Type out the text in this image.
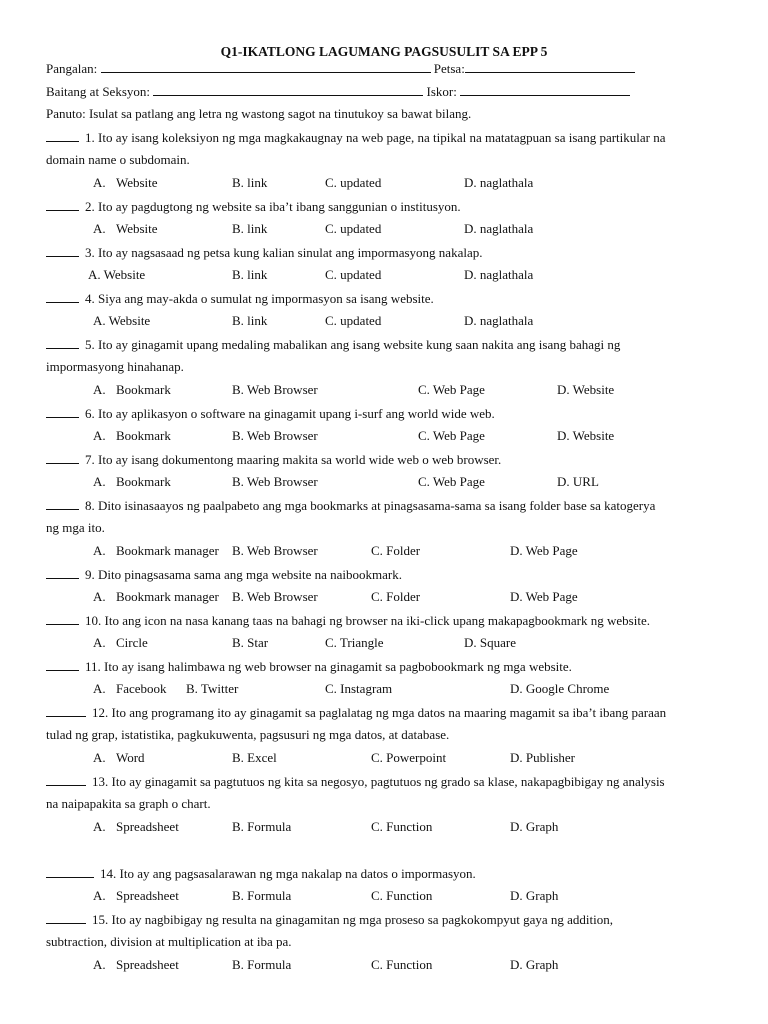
Q1-IKATLONG LAGUMANG PAGSUSULIT SA EPP 5
Pangalan:	Petsa:
Baitang at Seksyon:	Iskor:
Panuto: Isulat sa patlang ang letra ng wastong sagot na tinutukoy sa bawat bilang.
1. Ito ay isang koleksiyon ng mga magkakaugnay na web page, na tipikal na matatagpuan sa isang partikular na
domain name o subdomain.
A. Website	B. link	C. updated	D. naglathala
2. Ito ay pagdugtong ng website sa iba’t ibang sanggunian o institusyon.
A. Website	B. link	C. updated	D. naglathala
3. Ito ay nagsasaad ng petsa kung kalian sinulat ang impormasyong nakalap.
A. Website	B. link	C. updated	D. naglathala
4. Siya ang may-akda o sumulat ng impormasyon sa isang website.
A. Website	B. link	C. updated	D. naglathala
5. Ito ay ginagamit upang medaling mabalikan ang isang website kung saan nakita ang isang bahagi ng
impormasyong hinahanap.
A. Bookmark	B. Web Browser	C. Web Page	D. Website
6. Ito ay aplikasyon o software na ginagamit upang i-surf ang world wide web.
A. Bookmark	B. Web Browser	C. Web Page	D. Website
7. Ito ay isang dokumentong maaring makita sa world wide web o web browser.
A. Bookmark	B. Web Browser	C. Web Page	D. URL
8. Dito isinasaayos ng paalpabeto ang mga bookmarks at pinagsasama-sama sa isang folder base sa katogerya
ng mga ito.
A. Bookmark manager B. Web Browser	C. Folder	D. Web Page
9. Dito pinagsasama sama ang mga website na naibookmark.
A. Bookmark manager B. Web Browser	C. Folder	D. Web Page
10. Ito ang icon na nasa kanang taas na bahagi ng browser na iki-click upang makapagbookmark ng website.
A. Circle	B. Star	C. Triangle	D. Square
11. Ito ay isang halimbawa ng web browser na ginagamit sa pagbobookmark ng mga website.
A. Facebook B. Twitter	C. Instagram	D. Google Chrome
12. Ito ang programang ito ay ginagamit sa paglalatag ng mga datos na maaring magamit sa iba’t ibang paraan
tulad ng grap, istatistika, pagkukuwenta, pagsusuri ng mga datos, at database.
A. Word	B. Excel	C. Powerpoint	D. Publisher
13. Ito ay ginagamit sa pagtutuos ng kita sa negosyo, pagtutuos ng grado sa klase, nakapagbibigay ng analysis
na naipapakita sa graph o chart.
A. Spreadsheet	B. Formula	C. Function	D. Graph
14. Ito ay ang pagsasalarawan ng mga nakalap na datos o impormasyon.
A. Spreadsheet	B. Formula	C. Function	D. Graph
15. Ito ay nagbibigay ng resulta na ginagamitan ng mga proseso sa pagkokompyut gaya ng addition,
subtraction, division at multiplication at iba pa.
A. Spreadsheet	B. Formula	C. Function	D. Graph
